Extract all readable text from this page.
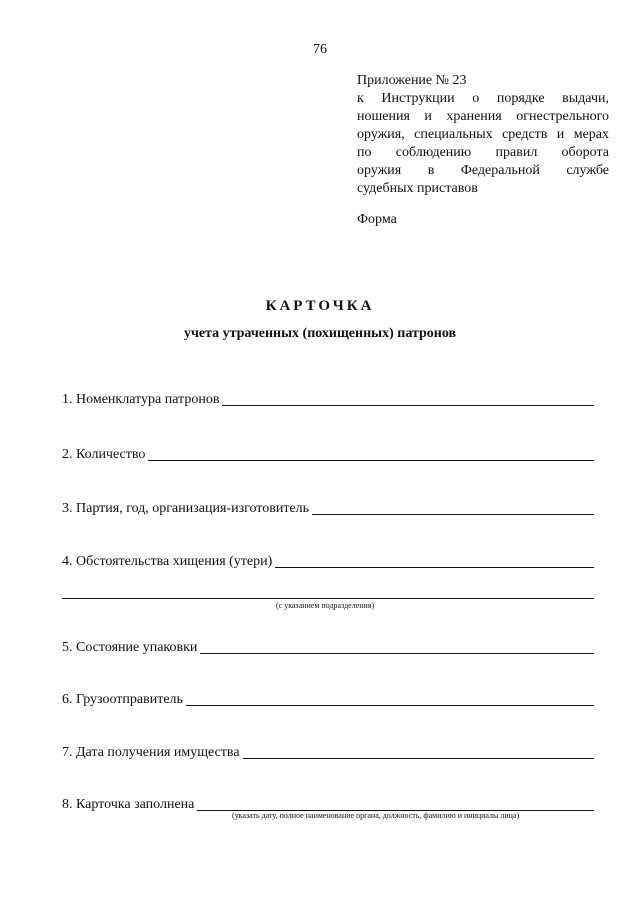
76
Приложение № 23
к Инструкции о порядке выдачи,
ношения и хранения огнестрельного
оружия, специальных средств и мерах
по соблюдению правил оборота
оружия в Федеральной службе
судебных приставов
Форма
КАРТОЧКА
учета утраченных (похищенных) патронов
1. Номенклатура патронов
2. Количество
3. Партия, год, организация-изготовитель
4. Обстоятельства хищения (утери)
(с указанием подразделения)
5. Состояние упаковки
6. Грузоотправитель
7. Дата получения имущества
8. Карточка заполнена
(указать дату, полное наименование органа, должность, фамилию и инициалы лица)
